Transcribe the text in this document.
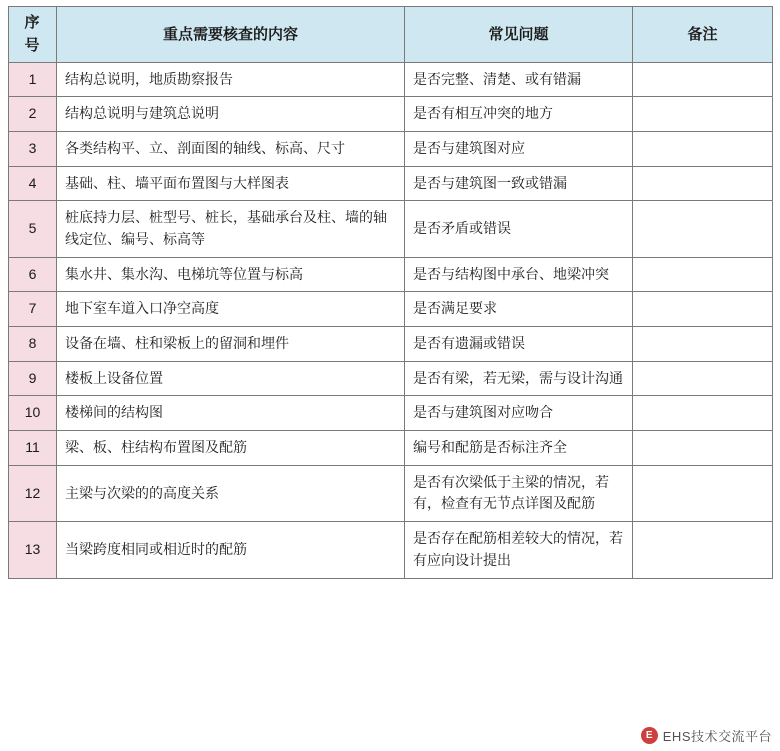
序 号	重点需要核查的内容	常见问题	备注
1	结构总说明，地质勘察报告	是否完整、清楚、或有错漏	
2	结构总说明与建筑总说明	是否有相互冲突的地方	
3	各类结构平、立、剖面图的轴线、标高、尺寸	是否与建筑图对应	
4	基础、柱、墙平面布置图与大样图表	是否与建筑图一致或错漏	
5	桩底持力层、桩型号、桩长，基础承台及柱、墙的轴线定位、编号、标高等	是否矛盾或错误	
6	集水井、集水沟、电梯坑等位置与标高	是否与结构图中承台、地梁冲突	
7	地下室车道入口净空高度	是否满足要求	
8	设备在墙、柱和梁板上的留洞和埋件	是否有遗漏或错误	
9	楼板上设备位置	是否有梁，若无梁，需与设计沟通	
10	楼梯间的结构图	是否与建筑图对应吻合	
11	梁、板、柱结构布置图及配筋	编号和配筋是否标注齐全	
12	主梁与次梁的的高度关系	是否有次梁低于主梁的情况，若有，检查有无节点详图及配筋	
13	当梁跨度相同或相近时的配筋	是否存在配筋相差较大的情况，若有应向设计提出	
E EHS技术交流平台
